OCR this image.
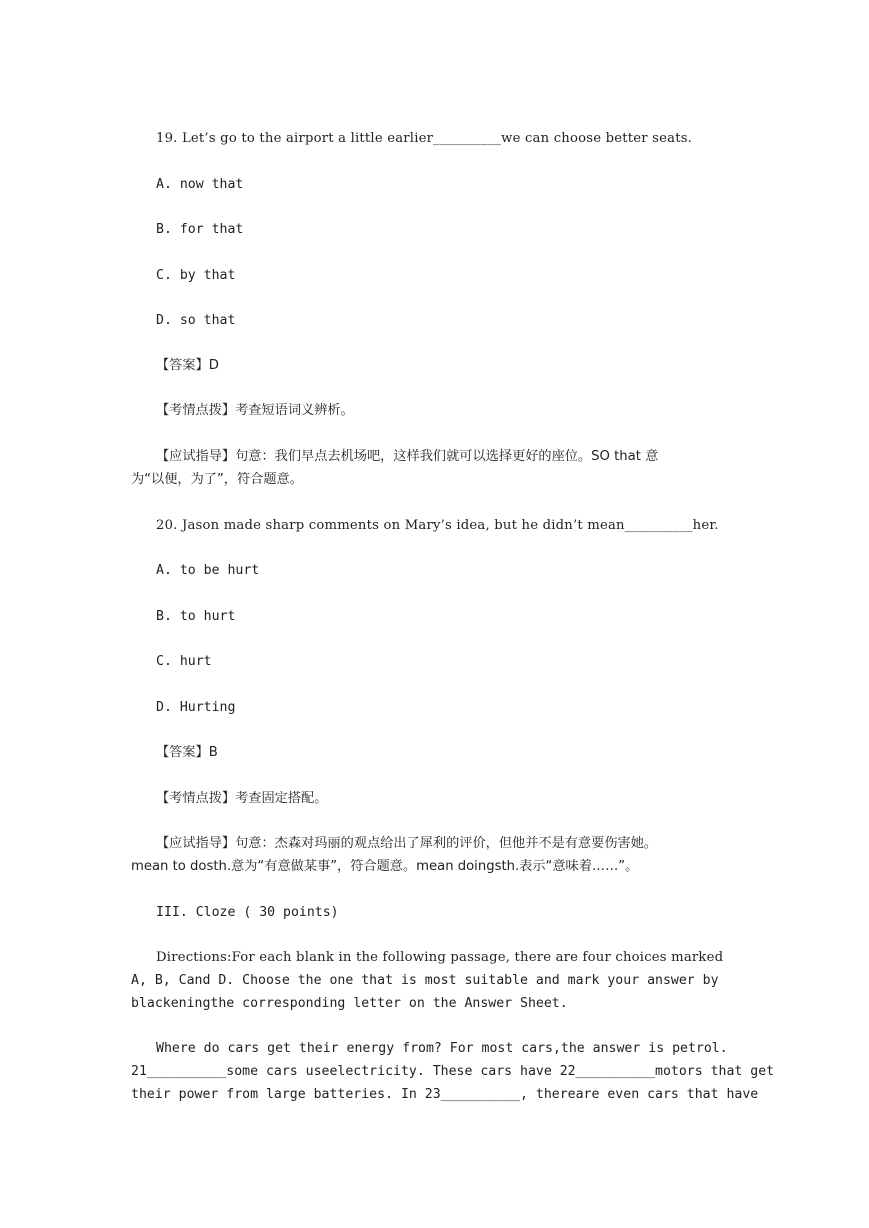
19. Let’s go to the airport a little earlier__________we can choose better seats.
A. now that
B. for that
C. by that
D. so that
【答案】D
【考情点拨】考查短语词义辨析。
【应试指导】句意：我们早点去机场吧，这样我们就可以选择更好的座位。SO that 意
为“以便，为了”，符合题意。
20. Jason made sharp comments on Mary’s idea, but he didn’t mean__________her.
A. to be hurt
B. to hurt
C. hurt
D. Hurting
【答案】B
【考情点拨】考查固定搭配。
【应试指导】句意：杰森对玛丽的观点给出了犀利的评价，但他并不是有意要伤害她。
mean to dosth.意为“有意做某事”，符合题意。mean doingsth.表示“意味着……”。
III. Cloze ( 30 points)
Directions:For each blank in the following passage, there are four choices marked
A, B, Cand D. Choose the one that is most suitable and mark your answer by
blackeningthe corresponding letter on the Answer Sheet.
Where do cars get their energy from? For most cars,the answer is petrol.
21__________some cars useelectricity. These cars have 22__________motors that get
their power from large batteries. In 23__________, thereare even cars that have
